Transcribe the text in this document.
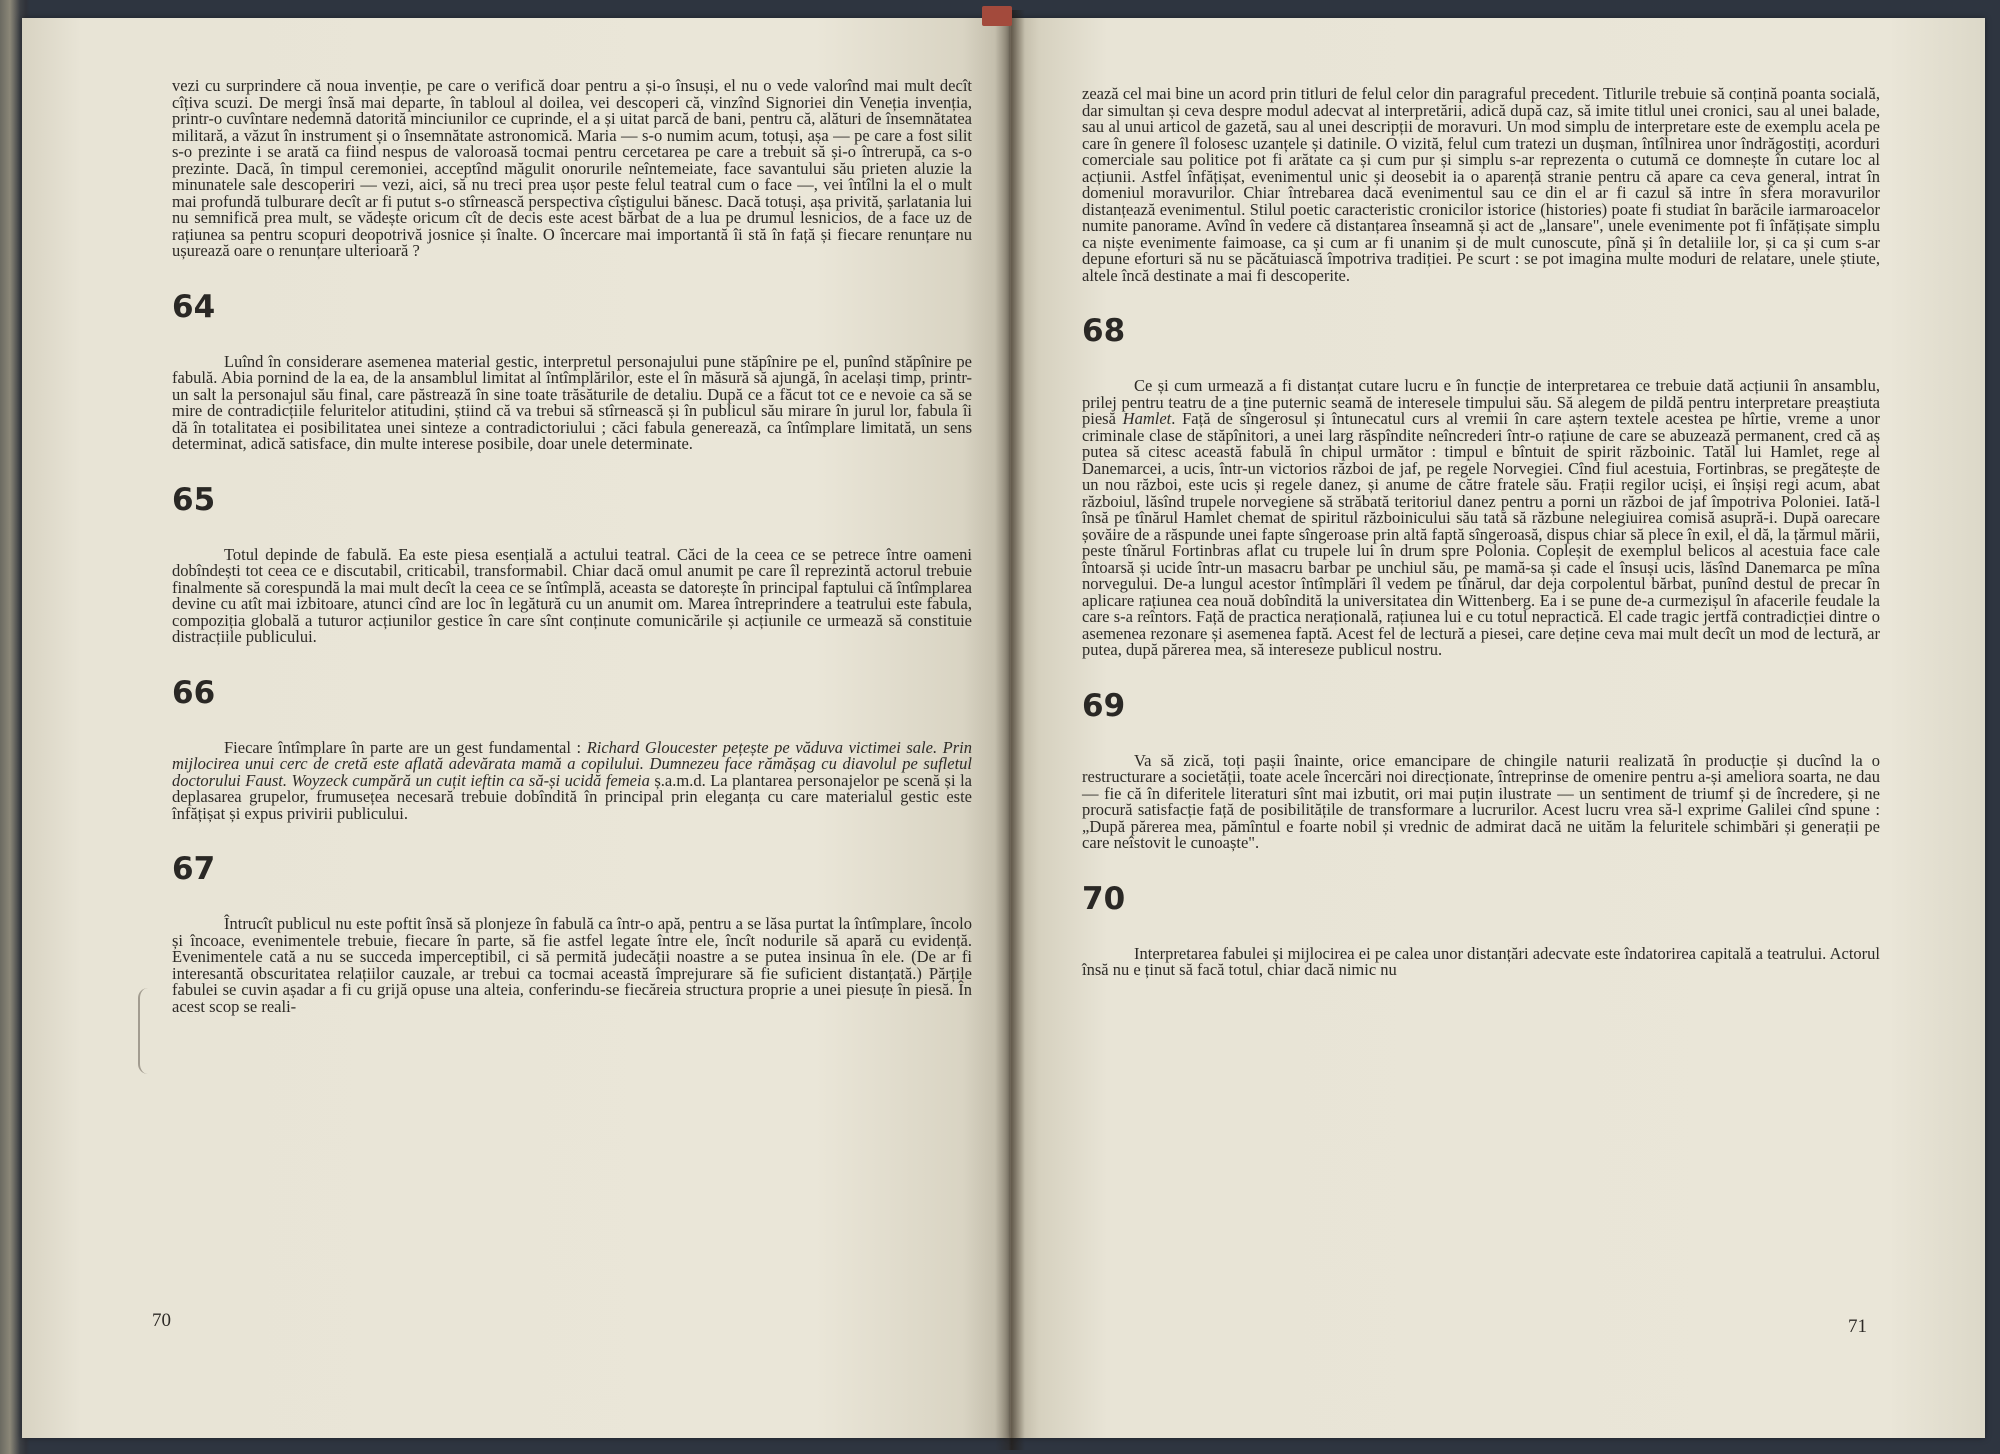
vezi cu surprindere că noua invenție, pe care o verifică doar pentru a și-o însuși, el nu o vede valorînd mai mult decît cîțiva scuzi. De mergi însă mai departe, în tabloul al doilea, vei descoperi că, vinzînd Signoriei din Veneția invenția, printr-o cuvîntare nedemnă datorită minciunilor ce cuprinde, el a și uitat parcă de bani, pentru că, alături de însemnătatea militară, a văzut în instrument și o însemnătate astronomică. Maria — s-o numim acum, totuși, așa — pe care a fost silit s-o prezinte i se arată ca fiind nespus de valoroasă tocmai pentru cercetarea pe care a trebuit să și-o întrerupă, ca s-o prezinte. Dacă, în timpul ceremoniei, acceptînd măgulit onorurile neîntemeiate, face savantului său prieten aluzie la minunatele sale descoperiri — vezi, aici, să nu treci prea ușor peste felul teatral cum o face —, vei întîlni la el o mult mai profundă tulburare decît ar fi putut s-o stîrnească perspectiva cîștigului bănesc. Dacă totuși, așa privită, șarlatania lui nu semnifică prea mult, se vădește oricum cît de decis este acest bărbat de a lua pe drumul lesnicios, de a face uz de rațiunea sa pentru scopuri deopotrivă josnice și înalte. O încercare mai importantă îi stă în față și fiecare renunțare nu ușurează oare o renunțare ulterioară ?

64

Luînd în considerare asemenea material gestic, interpretul personajului pune stăpînire pe el, punînd stăpînire pe fabulă. Abia pornind de la ea, de la ansamblul limitat al întîmplărilor, este el în măsură să ajungă, în același timp, printr-un salt la personajul său final, care păstrează în sine toate trăsăturile de detaliu. După ce a făcut tot ce e nevoie ca să se mire de contradicțiile feluritelor atitudini, știind că va trebui să stîrnească și în publicul său mirare în jurul lor, fabula îi dă în totalitatea ei posibilitatea unei sinteze a contradictoriului ; căci fabula generează, ca întîmplare limitată, un sens determinat, adică satisface, din multe interese posibile, doar unele determinate.

65

Totul depinde de fabulă. Ea este piesa esențială a actului teatral. Căci de la ceea ce se petrece între oameni dobîndești tot ceea ce e discutabil, criticabil, transformabil. Chiar dacă omul anumit pe care îl reprezintă actorul trebuie finalmente să corespundă la mai mult decît la ceea ce se întîmplă, aceasta se datorește în principal faptului că întîmplarea devine cu atît mai izbitoare, atunci cînd are loc în legătură cu un anumit om. Marea întreprindere a teatrului este fabula, compoziția globală a tuturor acțiunilor gestice în care sînt conținute comunicările și acțiunile ce urmează să constituie distracțiile publicului.

66

Fiecare întîmplare în parte are un gest fundamental : Richard Gloucester pețește pe văduva victimei sale. Prin mijlocirea unui cerc de cretă este aflată adevărata mamă a copilului. Dumnezeu face rămășag cu diavolul pe sufletul doctorului Faust. Woyzeck cumpără un cuțit ieftin ca să-și ucidă femeia ș.a.m.d. La plantarea personajelor pe scenă și la deplasarea grupelor, frumusețea necesară trebuie dobîndită în principal prin eleganța cu care materialul gestic este înfățișat și expus privirii publicului.

67

Întrucît publicul nu este poftit însă să plonjeze în fabulă ca într-o apă, pentru a se lăsa purtat la întîmplare, încolo și încoace, evenimentele trebuie, fiecare în parte, să fie astfel legate între ele, încît nodurile să apară cu evidență. Evenimentele cată a nu se succeda imperceptibil, ci să permită judecății noastre a se putea insinua în ele. (De ar fi interesantă obscuritatea relațiilor cauzale, ar trebui ca tocmai această împrejurare să fie suficient distanțată.) Părțile fabulei se cuvin așadar a fi cu grijă opuse una alteia, conferindu-se fiecăreia structura proprie a unei piesuțe în piesă. În acest scop se reali-

70

zează cel mai bine un acord prin titluri de felul celor din paragraful precedent. Titlurile trebuie să conțină poanta socială, dar simultan și ceva despre modul adecvat al interpretării, adică după caz, să imite titlul unei cronici, sau al unei balade, sau al unui articol de gazetă, sau al unei descripții de moravuri. Un mod simplu de interpretare este de exemplu acela pe care în genere îl folosesc uzanțele și datinile. O vizită, felul cum tratezi un dușman, întîlnirea unor îndrăgostiți, acorduri comerciale sau politice pot fi arătate ca și cum pur și simplu s-ar reprezenta o cutumă ce domnește în cutare loc al acțiunii. Astfel înfățișat, evenimentul unic și deosebit ia o aparență stranie pentru că apare ca ceva general, intrat în domeniul moravurilor. Chiar întrebarea dacă evenimentul sau ce din el ar fi cazul să intre în sfera moravurilor distanțează evenimentul. Stilul poetic caracteristic cronicilor istorice (histories) poate fi studiat în barăcile iarmaroacelor numite panorame. Avînd în vedere că distanțarea înseamnă și act de „lansare", unele evenimente pot fi înfățișate simplu ca niște evenimente faimoase, ca și cum ar fi unanim și de mult cunoscute, pînă și în detaliile lor, și ca și cum s-ar depune eforturi să nu se păcătuiască împotriva tradiției. Pe scurt : se pot imagina multe moduri de relatare, unele știute, altele încă destinate a mai fi descoperite.

68

Ce și cum urmează a fi distanțat cutare lucru e în funcție de interpretarea ce trebuie dată acțiunii în ansamblu, prilej pentru teatru de a ține puternic seamă de interesele timpului său. Să alegem de pildă pentru interpretare preaștiuta piesă Hamlet. Față de sîngerosul și întunecatul curs al vremii în care aștern textele acestea pe hîrtie, vreme a unor criminale clase de stăpînitori, a unei larg răspîndite neîncrederi într-o rațiune de care se abuzează permanent, cred că aș putea să citesc această fabulă în chipul următor : timpul e bîntuit de spirit războinic. Tatăl lui Hamlet, rege al Danemarcei, a ucis, într-un victorios război de jaf, pe regele Norvegiei. Cînd fiul acestuia, Fortinbras, se pregătește de un nou război, este ucis și regele danez, și anume de către fratele său. Frații regilor uciși, ei înșiși regi acum, abat războiul, lăsînd trupele norvegiene să străbată teritoriul danez pentru a porni un război de jaf împotriva Poloniei. Iată-l însă pe tînărul Hamlet chemat de spiritul războinicului său tată să răzbune nelegiuirea comisă asupră-i. După oarecare șovăire de a răspunde unei fapte sîngeroase prin altă faptă sîngeroasă, dispus chiar să plece în exil, el dă, la țărmul mării, peste tînărul Fortinbras aflat cu trupele lui în drum spre Polonia. Copleșit de exemplul belicos al acestuia face cale întoarsă și ucide într-un masacru barbar pe unchiul său, pe mamă-sa și cade el însuși ucis, lăsînd Danemarca pe mîna norvegului. De-a lungul acestor întîmplări îl vedem pe tînărul, dar deja corpolentul bărbat, punînd destul de precar în aplicare rațiunea cea nouă dobîndită la universitatea din Wittenberg. Ea i se pune de-a curmezișul în afacerile feudale la care s-a reîntors. Față de practica nerațională, rațiunea lui e cu totul nepractică. El cade tragic jertfă contradicției dintre o asemenea rezonare și asemenea faptă. Acest fel de lectură a piesei, care deține ceva mai mult decît un mod de lectură, ar putea, după părerea mea, să intereseze publicul nostru.

69

Va să zică, toți pașii înainte, orice emancipare de chingile naturii realizată în producție și ducînd la o restructurare a societății, toate acele încercări noi direcționate, întreprinse de omenire pentru a-și ameliora soarta, ne dau — fie că în diferitele literaturi sînt mai izbutit, ori mai puțin ilustrate — un sentiment de triumf și de încredere, și ne procură satisfacție față de posibilitățile de transformare a lucrurilor. Acest lucru vrea să-l exprime Galilei cînd spune : „După părerea mea, pămîntul e foarte nobil și vrednic de admirat dacă ne uităm la feluritele schimbări și generații pe care neîstovit le cunoaște".

70

Interpretarea fabulei și mijlocirea ei pe calea unor distanțări adecvate este îndatorirea capitală a teatrului. Actorul însă nu e ținut să facă totul, chiar dacă nimic nu

71
